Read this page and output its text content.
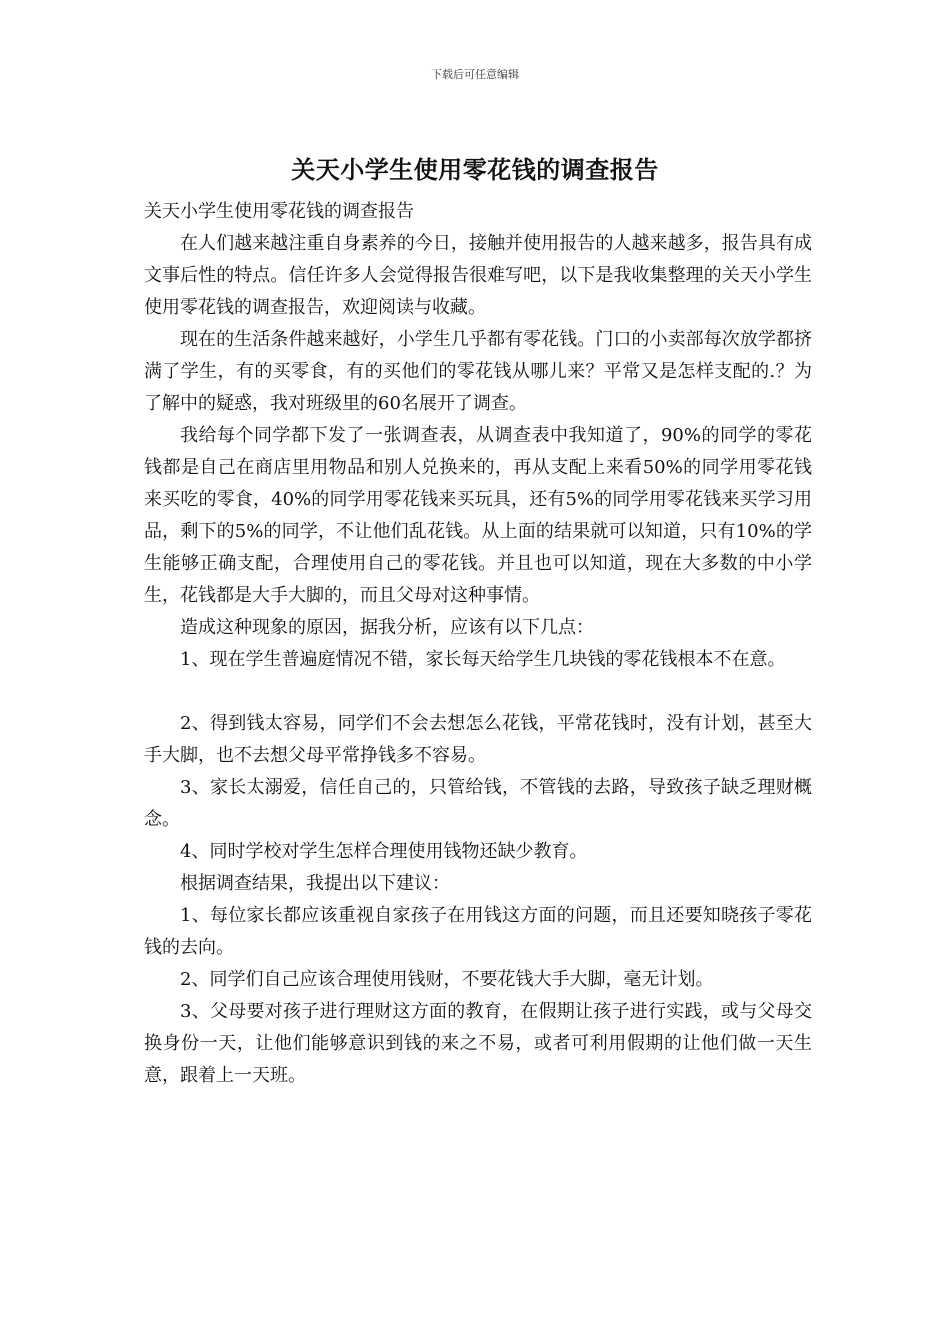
下载后可任意编辑
关天小学生使用零花钱的调查报告

关天小学生使用零花钱的调查报告

在人们越来越注重自身素养的今日，接触并使用报告的人越来越多，报告具有成文事后性的特点。信任许多人会觉得报告很难写吧，以下是我收集整理的关天小学生使用零花钱的调查报告，欢迎阅读与收藏。

现在的生活条件越来越好，小学生几乎都有零花钱。门口的小卖部每次放学都挤满了学生，有的买零食，有的买他们的零花钱从哪儿来？平常又是怎样支配的.？为了解中的疑惑，我对班级里的60名展开了调查。

我给每个同学都下发了一张调查表，从调查表中我知道了，90%的同学的零花钱都是自己在商店里用物品和别人兑换来的，再从支配上来看50%的同学用零花钱来买吃的零食，40%的同学用零花钱来买玩具，还有5%的同学用零花钱来买学习用品，剩下的5%的同学，不让他们乱花钱。从上面的结果就可以知道，只有10%的学生能够正确支配，合理使用自己的零花钱。并且也可以知道，现在大多数的中小学生，花钱都是大手大脚的，而且父母对这种事情。

造成这种现象的原因，据我分析，应该有以下几点：

1、现在学生普遍庭情况不错，家长每天给学生几块钱的零花钱根本不在意。

2、得到钱太容易，同学们不会去想怎么花钱，平常花钱时，没有计划，甚至大手大脚，也不去想父母平常挣钱多不容易。

3、家长太溺爱，信任自己的，只管给钱，不管钱的去路，导致孩子缺乏理财概念。

4、同时学校对学生怎样合理使用钱物还缺少教育。

根据调查结果，我提出以下建议：

1、每位家长都应该重视自家孩子在用钱这方面的问题，而且还要知晓孩子零花钱的去向。

2、同学们自己应该合理使用钱财，不要花钱大手大脚，毫无计划。

3、父母要对孩子进行理财这方面的教育，在假期让孩子进行实践，或与父母交换身份一天，让他们能够意识到钱的来之不易，或者可利用假期的让他们做一天生意，跟着上一天班。
